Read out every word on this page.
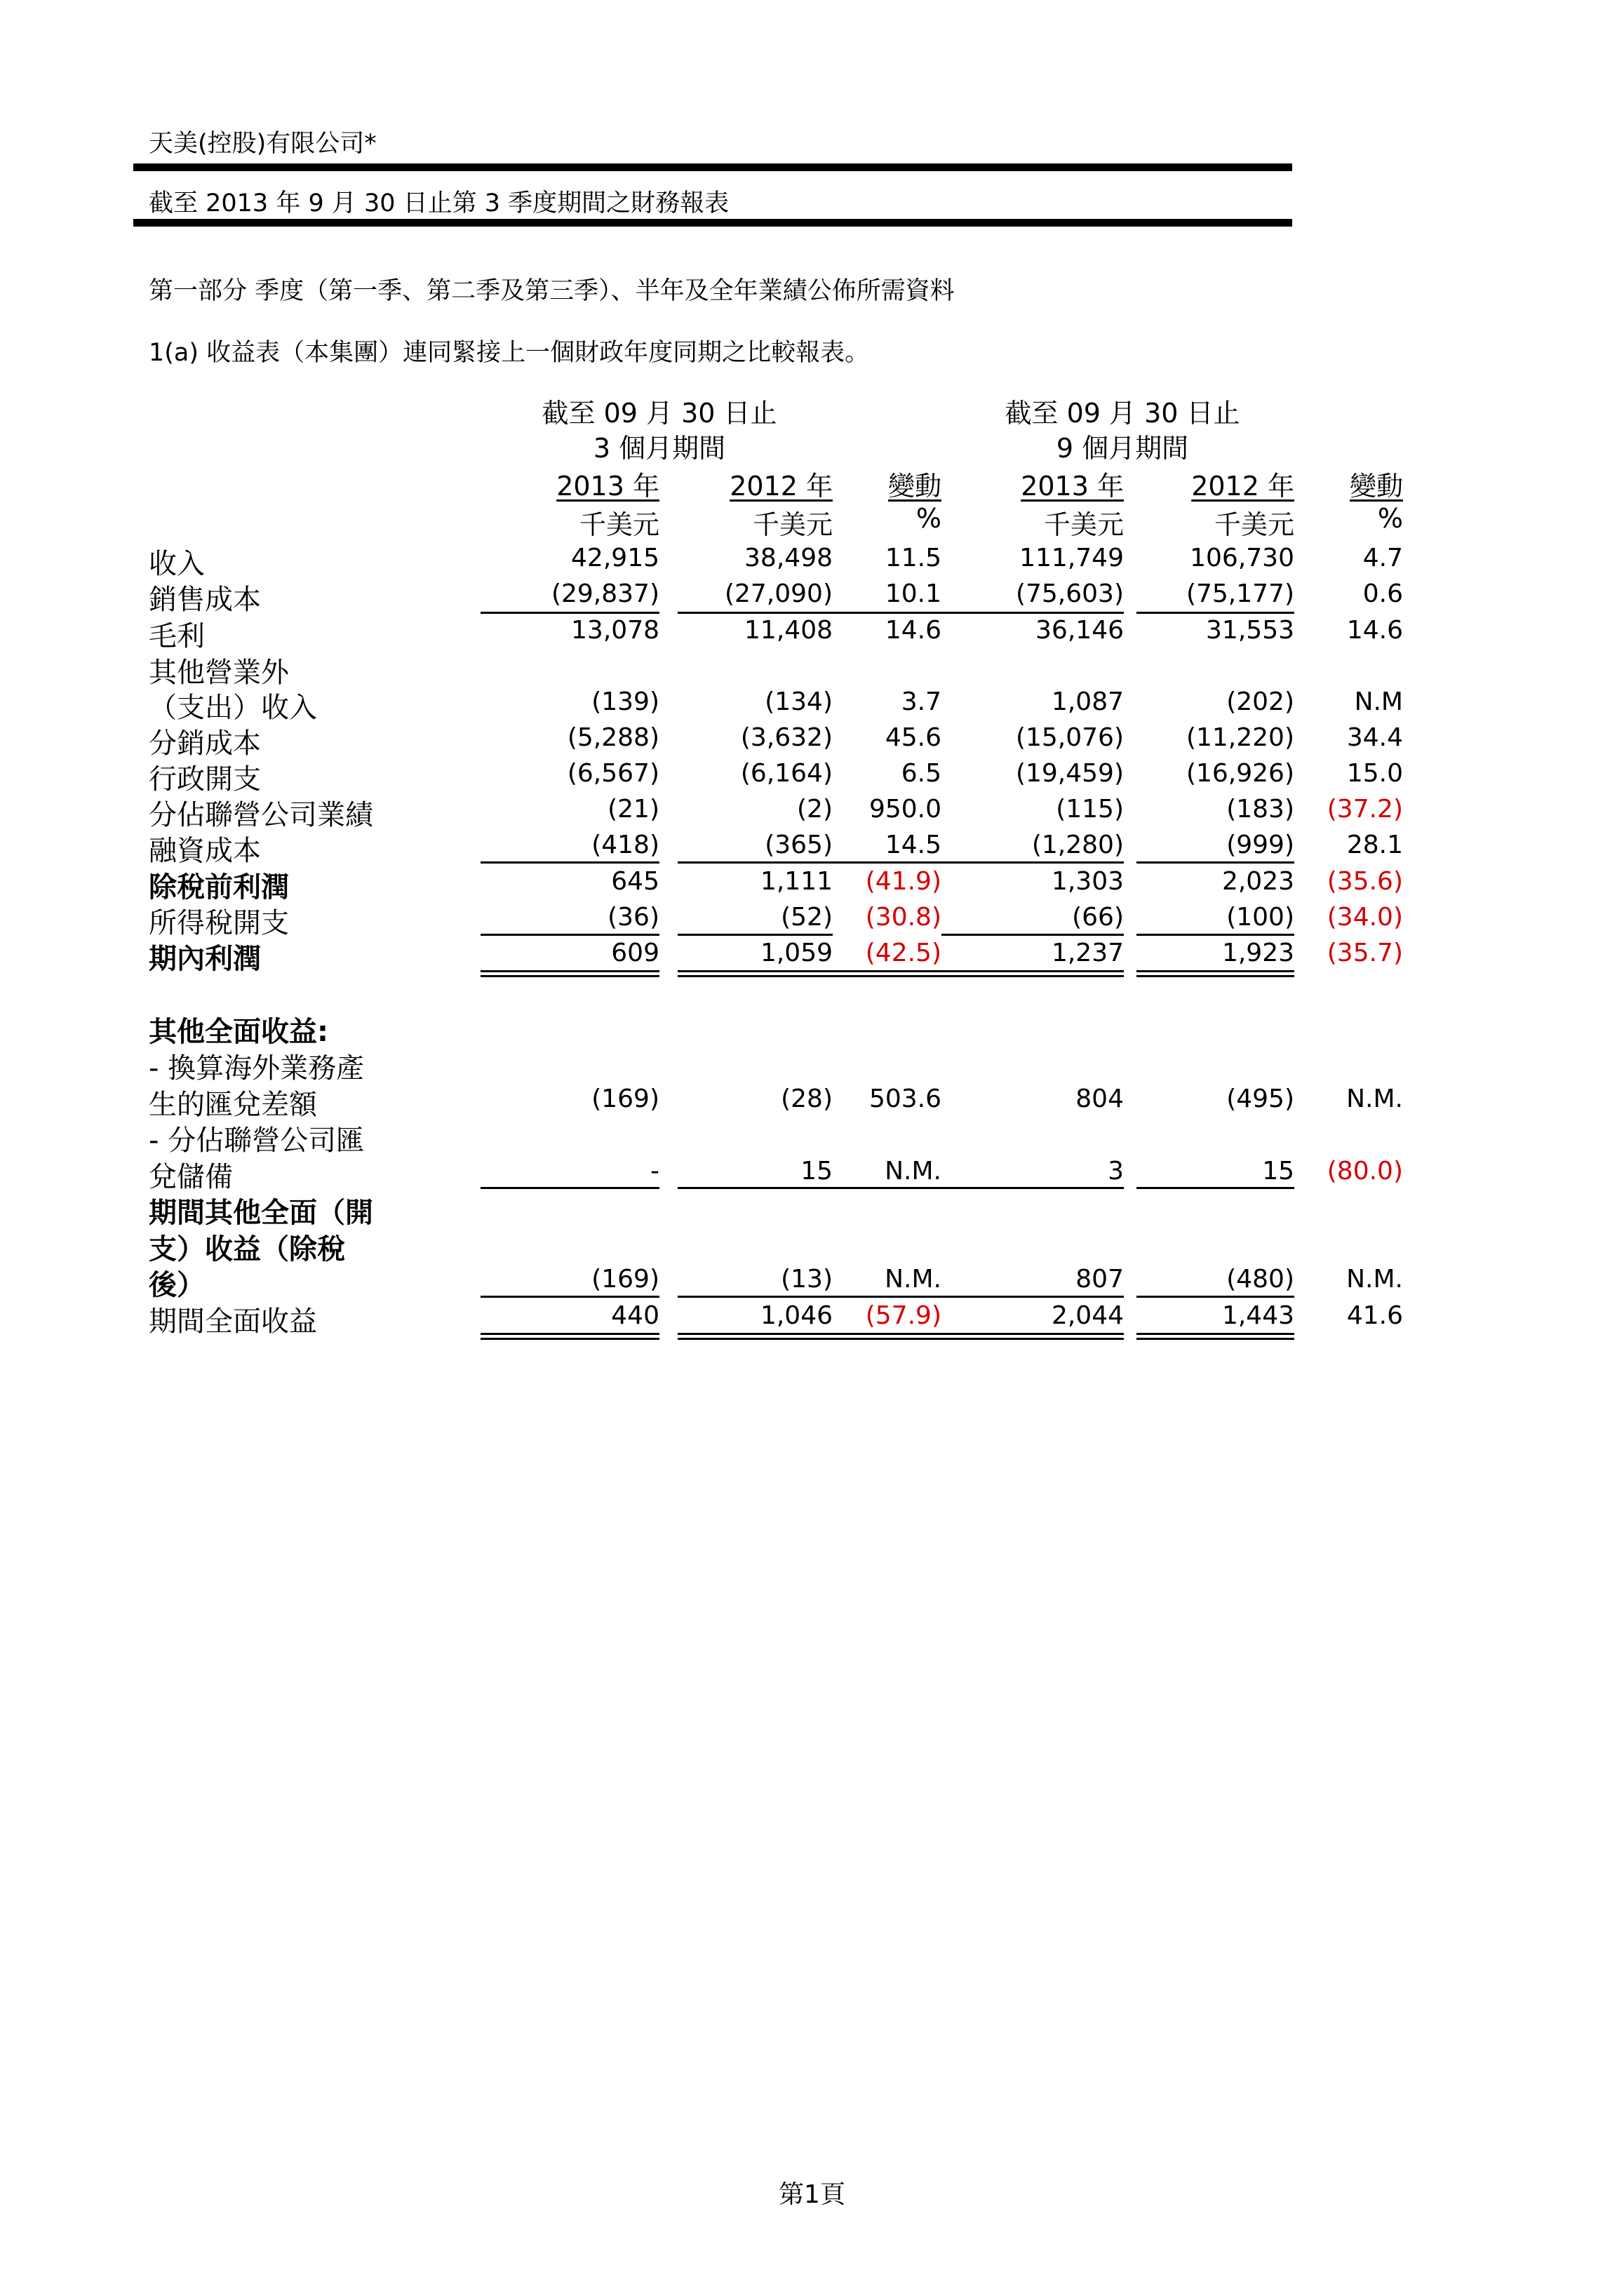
天美(控股)有限公司*
截至 2013 年 9 月 30 日止第 3 季度期間之財務報表
第一部分 季度（第一季、第二季及第三季）、半年及全年業績公佈所需資料
1(a) 收益表（本集團）連同緊接上一個財政年度同期之比較報表。
截至 09 月 30 日止
3 個月期間
截至 09 月 30 日止
9 個月期間
2013 年	2012 年	變動	2013 年	2012 年	變動
千美元	千美元	%	千美元	千美元	%
收入	42,915	38,498	11.5	111,749	106,730	4.7
銷售成本	(29,837)	(27,090)	10.1	(75,603)	(75,177)	0.6
毛利	13,078	11,408	14.6	36,146	31,553	14.6
其他營業外
（支出）收入	(139)	(134)	3.7	1,087	(202)	N.M
分銷成本	(5,288)	(3,632)	45.6	(15,076)	(11,220)	34.4
行政開支	(6,567)	(6,164)	6.5	(19,459)	(16,926)	15.0
分佔聯營公司業績	(21)	(2)	950.0	(115)	(183)	(37.2)
融資成本	(418)	(365)	14.5	(1,280)	(999)	28.1
除稅前利潤	645	1,111	(41.9)	1,303	2,023	(35.6)
所得稅開支	(36)	(52)	(30.8)	(66)	(100)	(34.0)
期內利潤	609	1,059	(42.5)	1,237	1,923	(35.7)
其他全面收益:
- 換算海外業務產
生的匯兌差額	(169)	(28)	503.6	804	(495)	N.M.
- 分佔聯營公司匯
兌儲備	-	15	N.M.	3	15	(80.0)
期間其他全面（開
支）收益（除稅
後）	(169)	(13)	N.M.	807	(480)	N.M.
期間全面收益	440	1,046	(57.9)	2,044	1,443	41.6
第1頁
